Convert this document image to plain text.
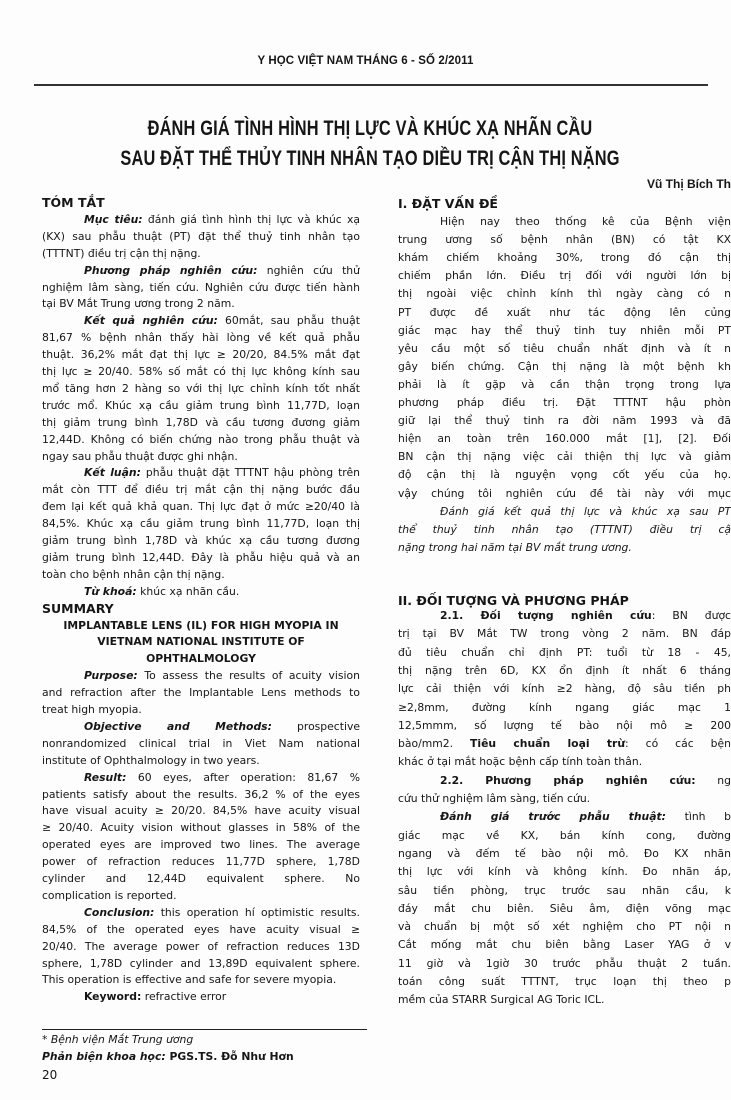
Y HỌC VIỆT NAM THÁNG 6 - SỐ 2/2011
ĐÁNH GIÁ TÌNH HÌNH THỊ LỰC VÀ KHÚC XẠ NHÃN CẦU
SAU ĐẶT THỂ THỦY TINH NHÂN TẠO DIỀU TRỊ CẬN THỊ NẶNG
Vũ Thị Bích Th
TÓM TẮT
Mục tiêu: đánh giá tình hình thị lực và khúc xạ
(KX) sau phẫu thuật (PT) đặt thể thuỷ tinh nhân tạo
(TTTNT) điều trị cận thị nặng.
Phương pháp nghiên cứu: nghiên cứu thử
nghiệm lâm sàng, tiến cứu. Nghiên cứu được tiến hành
tại BV Mắt Trung ương trong 2 năm.
Kết quả nghiên cứu: 60mắt, sau phẫu thuật
81,67 % bệnh nhân thấy hài lòng về kết quả phẫu
thuật. 36,2% mắt đạt thị lực ≥ 20/20, 84.5% mắt đạt
thị lực ≥ 20/40. 58% số mắt có thị lực không kính sau
mổ tăng hơn 2 hàng so với thị lực chỉnh kính tốt nhất
trước mổ. Khúc xạ cầu giảm trung bình 11,77D, loạn
thị giảm trung bình 1,78D và cầu tương đương giảm
12,44D. Không có biến chứng nào trong phẫu thuật và
ngay sau phẫu thuật được ghi nhận.
Kết luận: phẫu thuật đặt TTTNT hậu phòng trên
mắt còn TTT để điều trị mắt cận thị nặng bước đầu
đem lại kết quả khả quan. Thị lực đạt ở mức ≥20/40 là
84,5%. Khúc xạ cầu giảm trung bình 11,77D, loạn thị
giảm trung bình 1,78D và khúc xạ cầu tương đương
giảm trung bình 12,44D. Đây là phẫu hiệu quả và an
toàn cho bệnh nhân cận thị nặng.
Từ khoá: khúc xạ nhãn cầu.
SUMMARY
IMPLANTABLE LENS (IL) FOR HIGH MYOPIA IN
VIETNAM NATIONAL INSTITUTE OF
OPHTHALMOLOGY
Purpose: To assess the results of acuity vision
and refraction after the Implantable Lens methods to
treat high myopia.
Objective and Methods: prospective
nonrandomized clinical trial in Viet Nam national
institute of Ophthalmology in two years.
Result: 60 eyes, after operation: 81,67 %
patients satisfy about the results. 36,2 % of the eyes
have visual acuity ≥ 20/20. 84,5% have acuity visual
≥ 20/40. Acuity vision without glasses in 58% of the
operated eyes are improved two lines. The average
power of refraction reduces 11,77D sphere, 1,78D
cylinder and 12,44D equivalent sphere. No
complication is reported.
Conclusion: this operation hí optimistic results.
84,5% of the operated eyes have acuity visual ≥
20/40. The average power of refraction reduces 13D
sphere, 1,78D cylinder and 13,89D equivalent sphere.
This operation is effective and safe for severe myopia.
Keyword: refractive error
I. ĐẶT VẤN ĐỀ
Hiện nay theo thống kê của Bệnh viện
trung ương số bệnh nhân (BN) có tật KX
khám chiếm khoảng 30%, trong đó cận thị
chiếm phần lớn. Điều trị đối với người lớn bị
thị ngoài việc chỉnh kính thì ngày càng có n
PT được đề xuất như tác động lên củng
giác mạc hay thể thuỷ tinh tuy nhiên mỗi PT
yêu cầu một số tiêu chuẩn nhất định và ít n
gây biến chứng. Cận thị nặng là một bệnh kh
phải là ít gặp và cần thận trọng trong lựa
phương pháp điều trị. Đặt TTTNT hậu phòn
giữ lại thể thuỷ tinh ra đời năm 1993 và đã
hiện an toàn trên 160.000 mắt [1], [2]. Đối
BN cận thị nặng việc cải thiện thị lực và giảm
độ cận thị là nguyện vọng cốt yếu của họ.
vậy chúng tôi nghiên cứu đề tài này với mục
Đánh giá kết quả thị lực và khúc xạ sau PT
thể thuỷ tinh nhân tạo (TTTNT) điều trị cậ
nặng trong hai năm tại BV mắt trung ương.
II. ĐỐI TƯỢNG VÀ PHƯƠNG PHÁP
2.1. Đối tượng nghiên cứu: BN được
trị tại BV Mắt TW trong vòng 2 năm. BN đáp
đủ tiêu chuẩn chỉ định PT: tuổi từ 18 - 45,
thị nặng trên 6D, KX ổn định ít nhất 6 tháng
lực cải thiện với kính ≥2 hàng, độ sâu tiền ph
≥2,8mm, đường kính ngang giác mạc 1
12,5mmm, số lượng tế bào nội mô ≥ 200
bào/mm2. Tiêu chuẩn loại trừ: có các bện
khác ở tại mắt hoặc bệnh cấp tính toàn thân.
2.2. Phương pháp nghiên cứu: ng
cứu thử nghiệm lâm sàng, tiến cứu.
Đánh giá trước phẫu thuật: tình b
giác mạc về KX, bán kính cong, đường
ngang và đếm tế bào nội mô. Đo KX nhãn
thị lực với kính và không kính. Đo nhãn áp,
sâu tiền phòng, trục trước sau nhãn cầu, k
đáy mắt chu biên. Siêu âm, điện võng mạc
và chuẩn bị một số xét nghiệm cho PT nội n
Cắt mống mắt chu biên bằng Laser YAG ở v
11 giờ và 1giờ 30 trước phẫu thuật 2 tuần.
toán công suất TTTNT, trục loạn thị theo p
mềm của STARR Surgical AG Toric ICL.
* Bệnh viện Mắt Trung ương
Phản biện khoa học: PGS.TS. Đỗ Như Hơn
20
